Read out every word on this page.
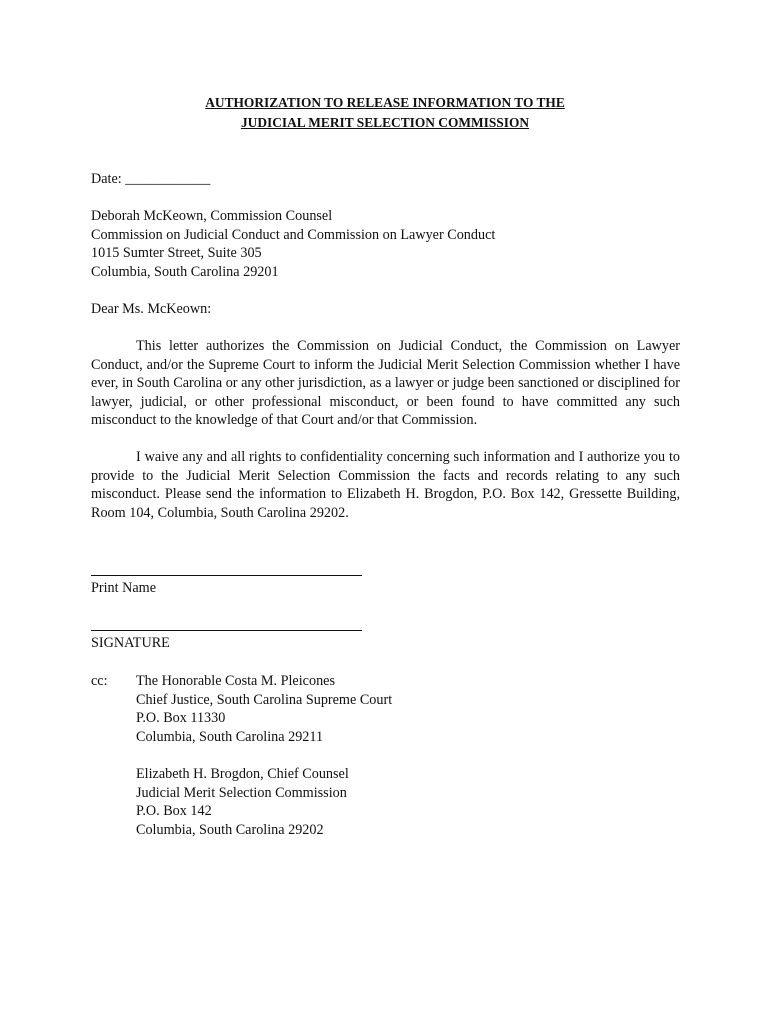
AUTHORIZATION TO RELEASE INFORMATION TO THE
JUDICIAL MERIT SELECTION COMMISSION
Date: ____________
Deborah McKeown, Commission Counsel
Commission on Judicial Conduct and Commission on Lawyer Conduct
1015 Sumter Street, Suite 305
Columbia, South Carolina 29201
Dear Ms. McKeown:
This letter authorizes the Commission on Judicial Conduct, the Commission on Lawyer Conduct, and/or the Supreme Court to inform the Judicial Merit Selection Commission whether I have ever, in South Carolina or any other jurisdiction, as a lawyer or judge been sanctioned or disciplined for lawyer, judicial, or other professional misconduct, or been found to have committed any such misconduct to the knowledge of that Court and/or that Commission.
I waive any and all rights to confidentiality concerning such information and I authorize you to provide to the Judicial Merit Selection Commission the facts and records relating to any such misconduct. Please send the information to Elizabeth H. Brogdon, P.O. Box 142, Gressette Building, Room 104, Columbia, South Carolina 29202.
Print Name
SIGNATURE
cc: The Honorable Costa M. Pleicones
Chief Justice, South Carolina Supreme Court
P.O. Box 11330
Columbia, South Carolina 29211
Elizabeth H. Brogdon, Chief Counsel
Judicial Merit Selection Commission
P.O. Box 142
Columbia, South Carolina 29202
